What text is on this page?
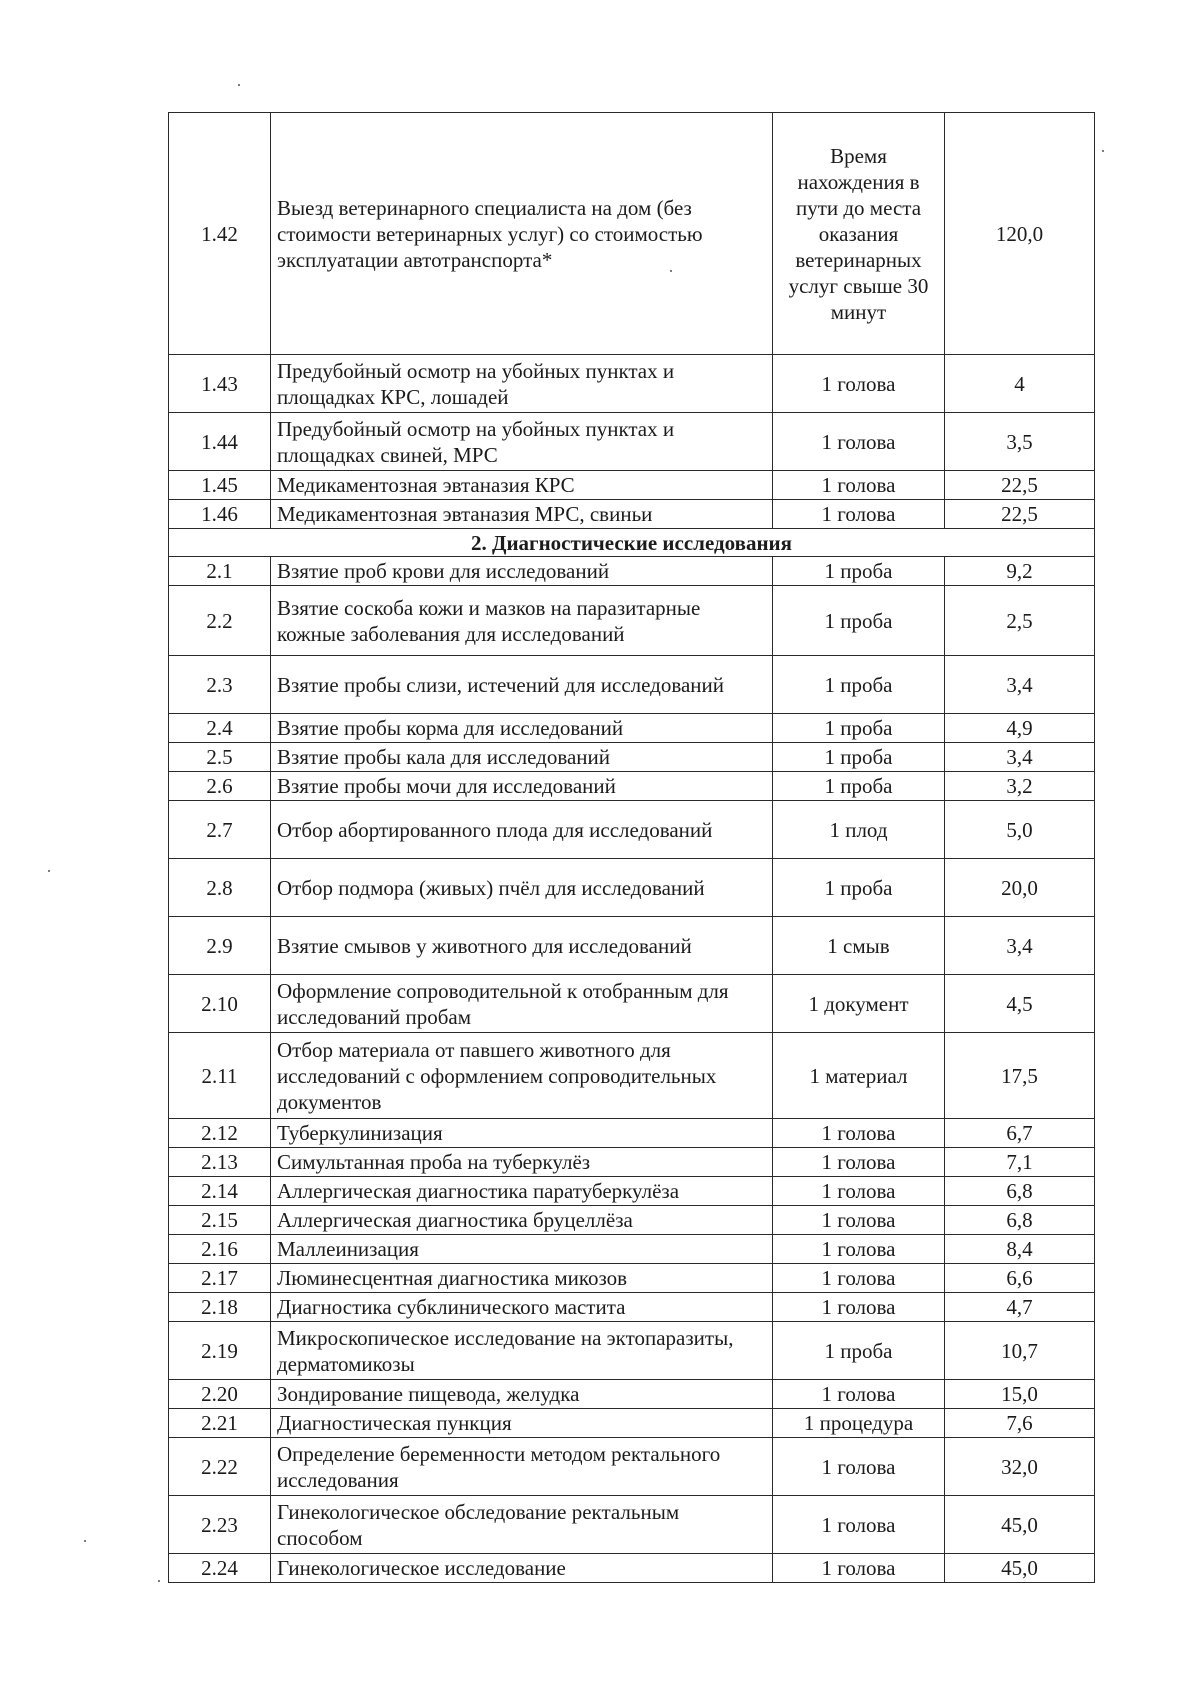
1.42	Выезд ветеринарного специалиста на дом (без стоимости ветеринарных услуг) со стоимостью эксплуатации автотранспорта*	Время нахождения в пути до места оказания ветеринарных услуг свыше 30 минут	120,0
1.43	Предубойный осмотр на убойных пунктах и площадках КРС, лошадей	1 голова	4
1.44	Предубойный осмотр на убойных пунктах и площадках свиней, МРС	1 голова	3,5
1.45	Медикаментозная эвтаназия КРС	1 голова	22,5
1.46	Медикаментозная эвтаназия МРС, свиньи	1 голова	22,5
2. Диагностические исследования			
2.1	Взятие проб крови для исследований	1 проба	9,2
2.2	Взятие соскоба кожи и мазков на паразитарные кожные заболевания для исследований	1 проба	2,5
2.3	Взятие пробы слизи, истечений для исследований	1 проба	3,4
2.4	Взятие пробы корма для исследований	1 проба	4,9
2.5	Взятие пробы кала для исследований	1 проба	3,4
2.6	Взятие пробы мочи для исследований	1 проба	3,2
2.7	Отбор абортированного плода для исследований	1 плод	5,0
2.8	Отбор подмора (живых) пчёл для исследований	1 проба	20,0
2.9	Взятие смывов у животного для исследований	1 смыв	3,4
2.10	Оформление сопроводительной к отобранным для исследований пробам	1 документ	4,5
2.11	Отбор материала от павшего животного для исследований с оформлением сопроводительных документов	1 материал	17,5
2.12	Туберкулинизация	1 голова	6,7
2.13	Симультанная проба на туберкулёз	1 голова	7,1
2.14	Аллергическая диагностика паратуберкулёза	1 голова	6,8
2.15	Аллергическая диагностика бруцеллёза	1 голова	6,8
2.16	Маллеинизация	1 голова	8,4
2.17	Люминесцентная диагностика микозов	1 голова	6,6
2.18	Диагностика субклинического мастита	1 голова	4,7
2.19	Микроскопическое исследование на эктопаразиты, дерматомикозы	1 проба	10,7
2.20	Зондирование пищевода, желудка	1 голова	15,0
2.21	Диагностическая пункция	1 процедура	7,6
2.22	Определение беременности методом ректального исследования	1 голова	32,0
2.23	Гинекологическое обследование ректальным способом	1 голова	45,0
2.24	Гинекологическое исследование	1 голова	45,0
